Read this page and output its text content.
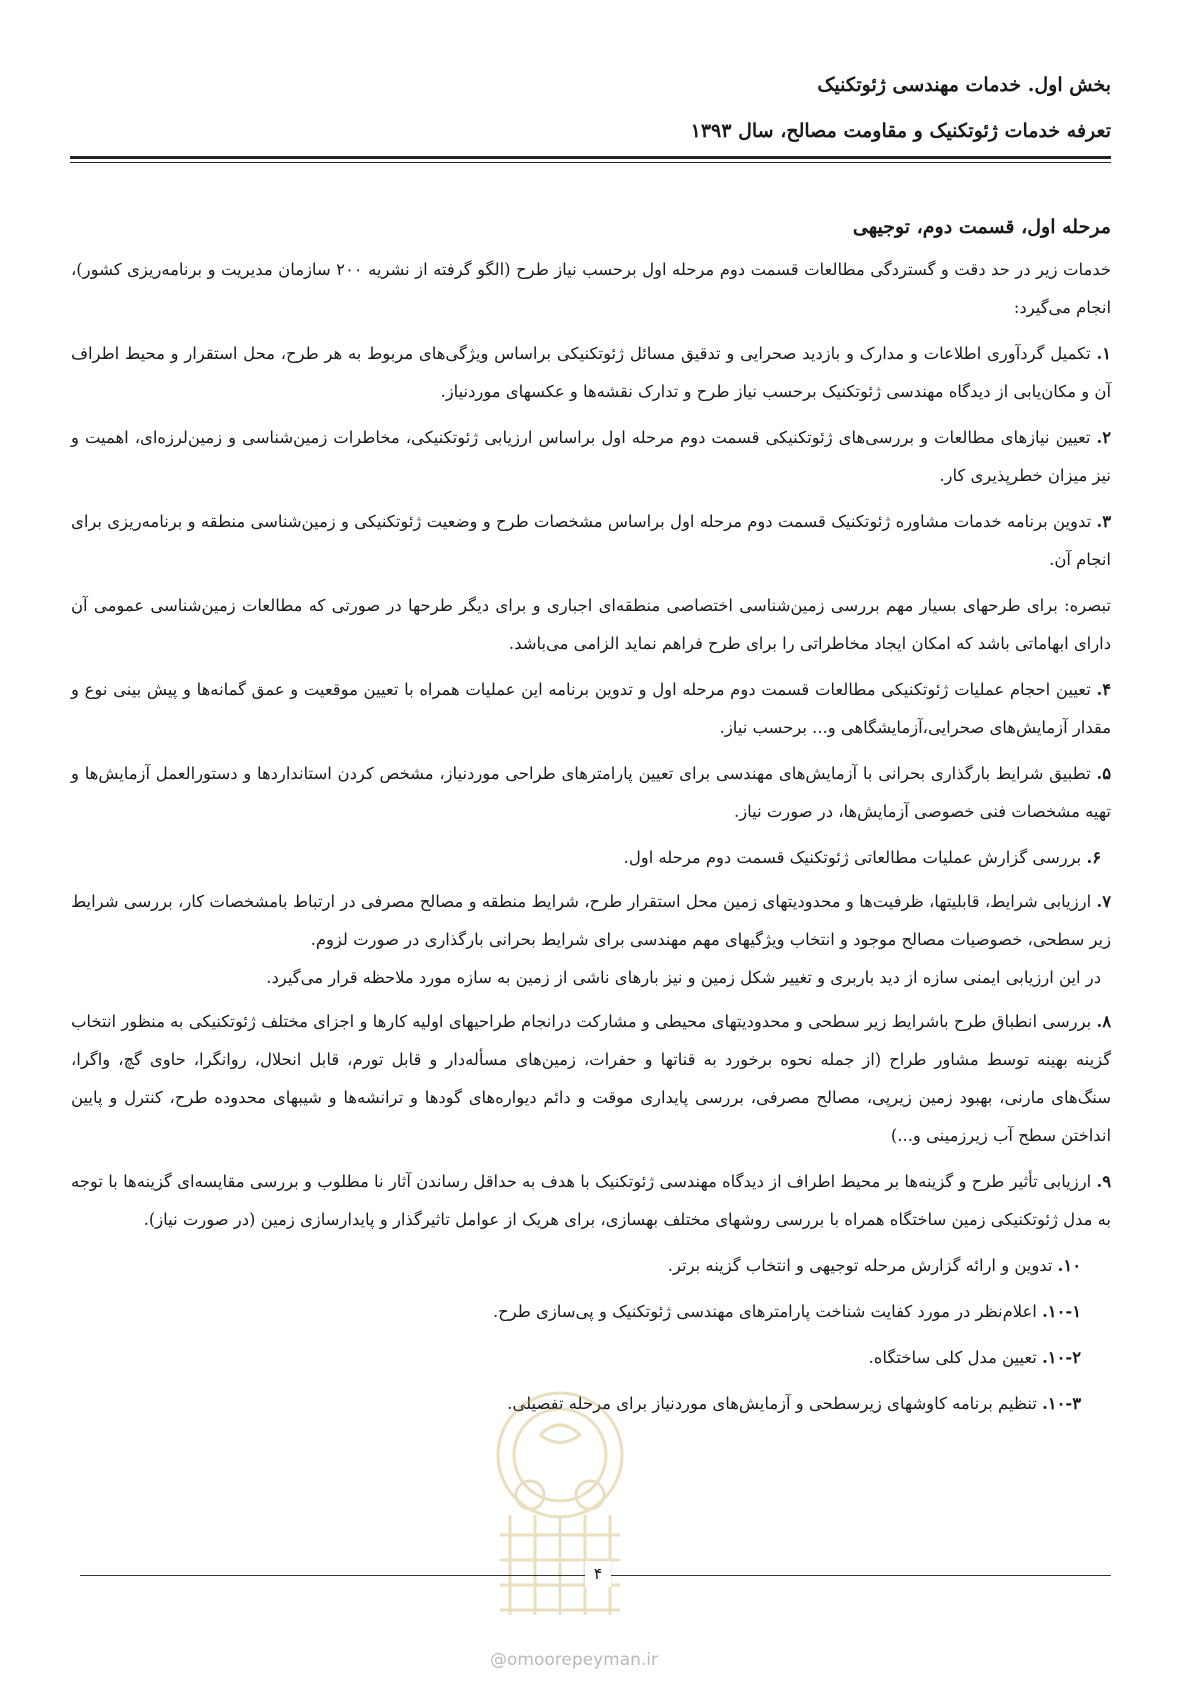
بخش اول. خدمات مهندسی ژئوتکنیک
تعرفه خدمات ژئوتکنیک و مقاومت مصالح، سال ۱۳۹۳
مرحله اول، قسمت دوم، توجیهی

خدمات زیر در حد دقت و گستردگی مطالعات قسمت دوم مرحله اول برحسب نیاز طرح (الگو گرفته از نشریه ۲۰۰ سازمان مدیریت و برنامه‌ریزی کشور)، انجام می‌گیرد:

۱. تکمیل گردآوری اطلاعات و مدارک و بازدید صحرایی و تدقیق مسائل ژئوتکنیکی براساس ویژگی‌های مربوط به هر طرح، محل استقرار و محیط اطراف آن و مکان‌یابی از دیدگاه مهندسی ژئوتکنیک برحسب نیاز طرح و تدارک نقشه‌ها و عکسهای موردنیاز.

۲. تعیین نیازهای مطالعات و بررسی‌های ژئوتکنیکی قسمت دوم مرحله اول براساس ارزیابی ژئوتکنیکی، مخاطرات زمین‌شناسی و زمین‌لرزه‌ای، اهمیت و نیز میزان خطرپذیری کار.

۳. تدوین برنامه خدمات مشاوره ژئوتکنیک قسمت دوم مرحله اول براساس مشخصات طرح و وضعیت ژئوتکنیکی و زمین‌شناسی منطقه و برنامه‌ریزی برای انجام آن.

تبصره: برای طرحهای بسیار مهم بررسی زمین‌شناسی اختصاصی منطقه‌ای اجباری و برای دیگر طرحها در صورتی که مطالعات زمین‌شناسی عمومی آن دارای ابهاماتی باشد که امکان ایجاد مخاطراتی را برای طرح فراهم نماید الزامی می‌باشد.

۴. تعیین احجام عملیات ژئوتکنیکی مطالعات قسمت دوم مرحله اول و تدوین برنامه این عملیات همراه با تعیین موقعیت و عمق گمانه‌ها و پیش بینی نوع و مقدار آزمایش‌های صحرایی،آزمایشگاهی و... برحسب نیاز.

۵. تطبیق شرایط بارگذاری بحرانی با آزمایش‌های مهندسی برای تعیین پارامترهای طراحی موردنیاز، مشخص کردن استانداردها و دستورالعمل آزمایش‌ها و تهیه مشخصات فنی خصوصی آزمایش‌ها، در صورت نیاز.

۶. بررسی گزارش عملیات مطالعاتی ژئوتکنیک قسمت دوم مرحله اول.

۷. ارزیابی شرایط، قابلیتها، ظرفیت‌ها و محدودیتهای زمین محل استقرار طرح، شرایط منطقه و مصالح مصرفی در ارتباط بامشخصات کار، بررسی شرایط زیر سطحی، خصوصیات مصالح موجود و انتخاب ویژگیهای مهم مهندسی برای شرایط بحرانی بارگذاری در صورت لزوم.

در این ارزیابی ایمنی سازه از دید باربری و تغییر شکل زمین و نیز بارهای ناشی از زمین به سازه مورد ملاحظه قرار می‌گیرد.

۸. بررسی انطباق طرح باشرایط زیر سطحی و محدودیتهای محیطی و مشارکت درانجام طراحیهای اولیه کارها و اجزای مختلف ژئوتکنیکی به منظور انتخاب گزینه بهینه توسط مشاور طراح (از جمله نحوه برخورد به قناتها و حفرات، زمین‌های مسأله‌دار و قابل تورم، قابل انحلال، روانگرا، حاوی گچ، واگرا، سنگ‌های مارنی، بهبود زمین زیرپی، مصالح مصرفی، بررسی پایداری موقت و دائم دیواره‌های گودها و ترانشه‌ها و شیبهای محدوده طرح، کنترل و پایین انداختن سطح آب زیرزمینی و...)

۹. ارزیابی تأثیر طرح و گزینه‌ها بر محیط اطراف از دیدگاه مهندسی ژئوتکنیک با هدف به حداقل رساندن آثار نا مطلوب و بررسی مقایسه‌ای گزینه‌ها با توجه به مدل ژئوتکنیکی زمین ساختگاه همراه با بررسی روشهای مختلف بهسازی، برای هریک از عوامل تاثیرگذار و پایدارسازی زمین (در صورت نیاز).

۱۰. تدوین و ارائه گزارش مرحله توجیهی و انتخاب گزینه برتر.

۱۰-۱. اعلام‌نظر در مورد کفایت شناخت پارامترهای مهندسی ژئوتکنیک و پی‌سازی طرح.

۱۰-۲. تعیین مدل کلی ساختگاه.

۱۰-۳. تنظیم برنامه کاوشهای زیرسطحی و آزمایش‌های موردنیاز برای مرحله تفصیلی.

۴
@omoorepeyman.ir
